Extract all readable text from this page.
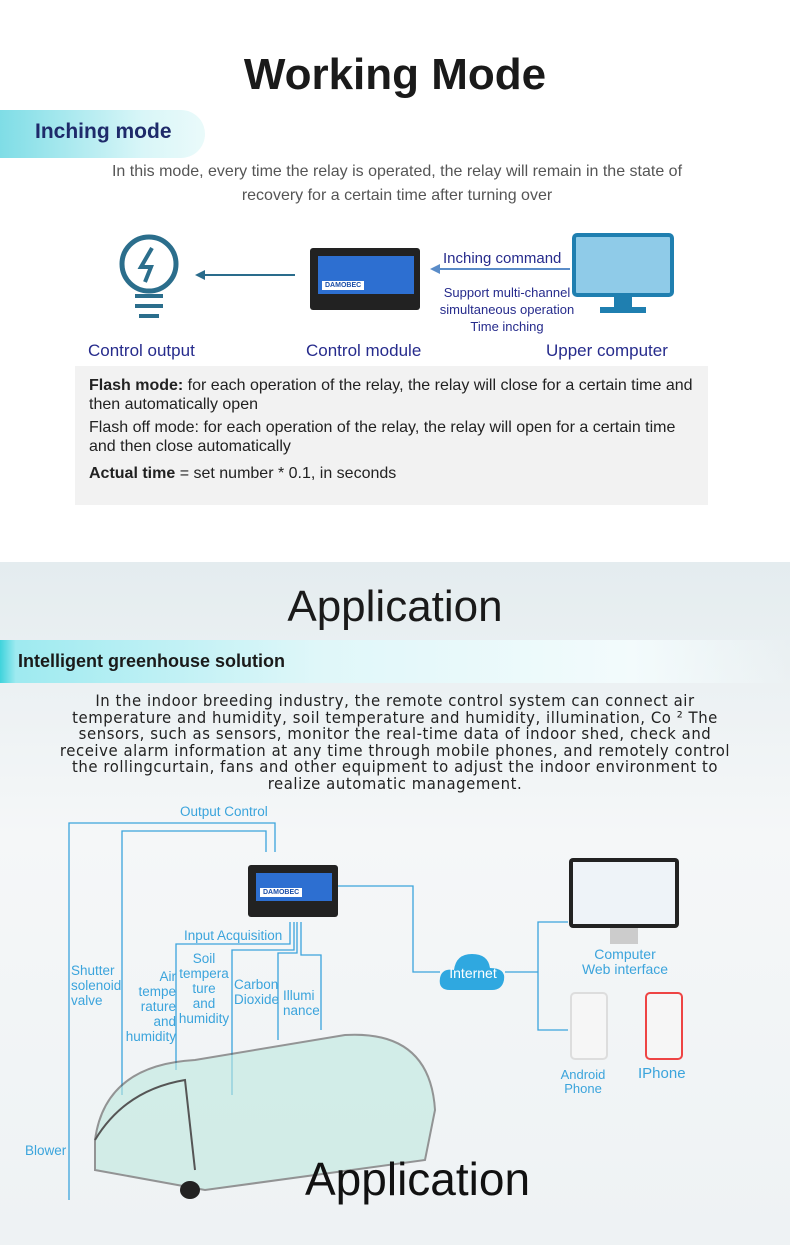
Working Mode
Inching mode
In this mode, every time the relay is operated, the relay will remain in the state of recovery for a certain time after turning over
DAMOBEC
Inching command
Support multi-channel
simultaneous operation
Time inching
Control output	Control module	Upper computer

Flash mode: for each operation of the relay, the relay will close for a certain time and then automatically open

Flash off mode: for each operation of the relay, the relay will open for a certain time and then close automatically

Actual time = set number * 0.1, in seconds

Application
Intelligent greenhouse solution
In the indoor breeding industry, the remote control system can connect air temperature and humidity, soil temperature and humidity, illumination, Co ² The sensors, such as sensors, monitor the real-time data of indoor shed, check and receive alarm information at any time through mobile phones, and remotely control the rollingcurtain, fans and other equipment to adjust the indoor environment to realize automatic management.
Output Control
DAMOBEC
Input Acquisition
Shutter
solenoid
valve
Air
tempe
rature
and
humidity
Soil
tempera
ture
and
humidity
Carbon
Dioxide Illumi
nance
Blower
Internet
Computer
Web interface
Android
Phone
IPhone
Application
